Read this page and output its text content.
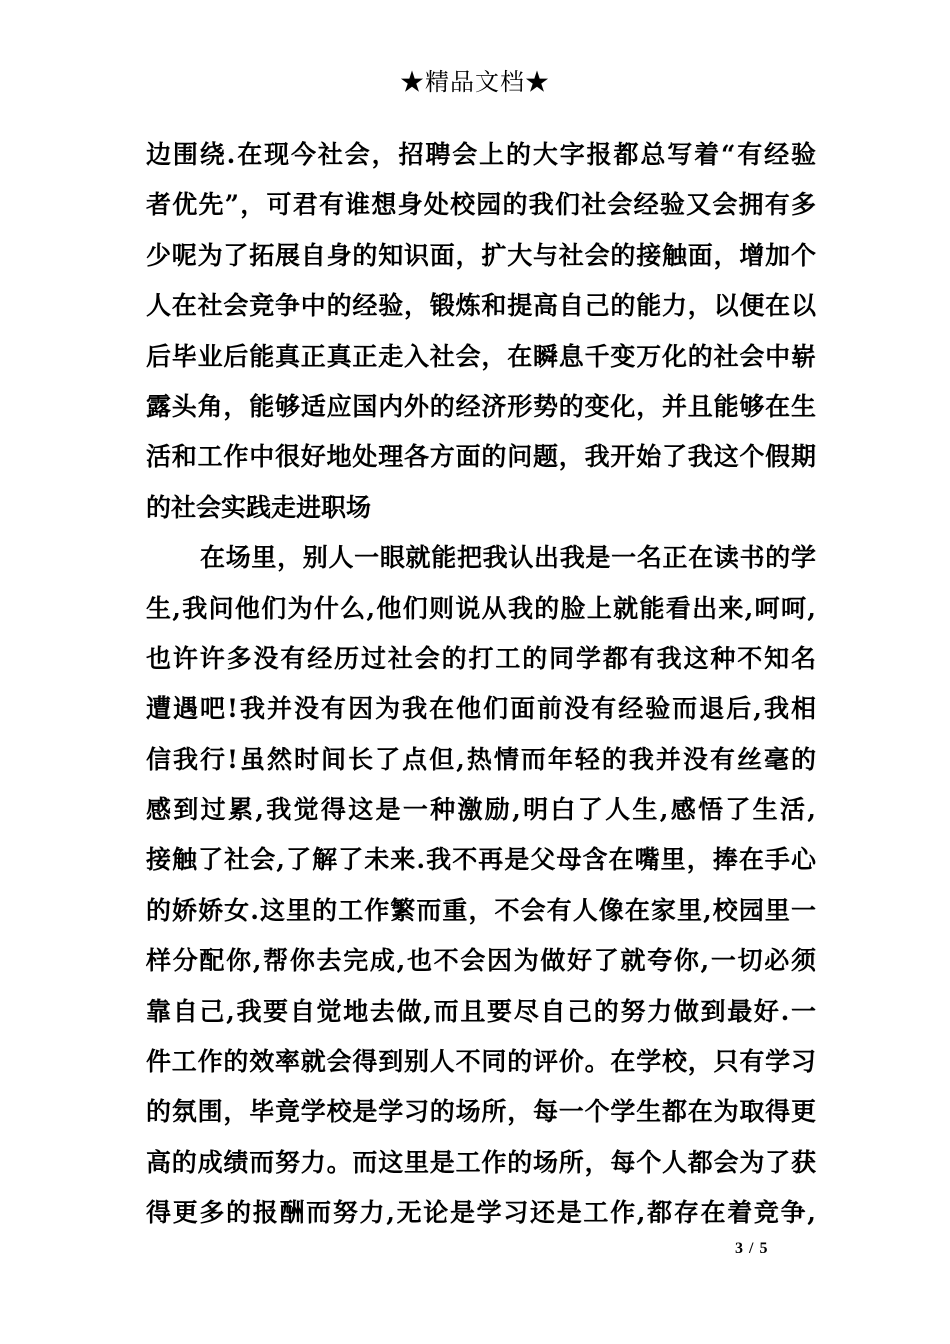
★精品文档★
边围绕.在现今社会，招聘会上的大字报都总写着“有经验
者优先”，可君有谁想身处校园的我们社会经验又会拥有多
少呢为了拓展自身的知识面，扩大与社会的接触面，增加个
人在社会竞争中的经验，锻炼和提高自己的能力，以便在以
后毕业后能真正真正走入社会，在瞬息千变万化的社会中崭
露头角，能够适应国内外的经济形势的变化，并且能够在生
活和工作中很好地处理各方面的问题，我开始了我这个假期
的社会实践走进职场
在场里，别人一眼就能把我认出我是一名正在读书的学
生,我问他们为什么,他们则说从我的脸上就能看出来,呵呵,
也许许多没有经历过社会的打工的同学都有我这种不知名
遭遇吧!我并没有因为我在他们面前没有经验而退后,我相
信我行!虽然时间长了点但,热情而年轻的我并没有丝毫的
感到过累,我觉得这是一种激励,明白了人生,感悟了生活,
接触了社会,了解了未来.我不再是父母含在嘴里，捧在手心
的娇娇女.这里的工作繁而重，不会有人像在家里,校园里一
样分配你,帮你去完成,也不会因为做好了就夸你,一切必须
靠自己,我要自觉地去做,而且要尽自己的努力做到最好.一
件工作的效率就会得到别人不同的评价。在学校，只有学习
的氛围，毕竟学校是学习的场所，每一个学生都在为取得更
高的成绩而努力。而这里是工作的场所，每个人都会为了获
得更多的报酬而努力,无论是学习还是工作,都存在着竞争,
3 / 5
